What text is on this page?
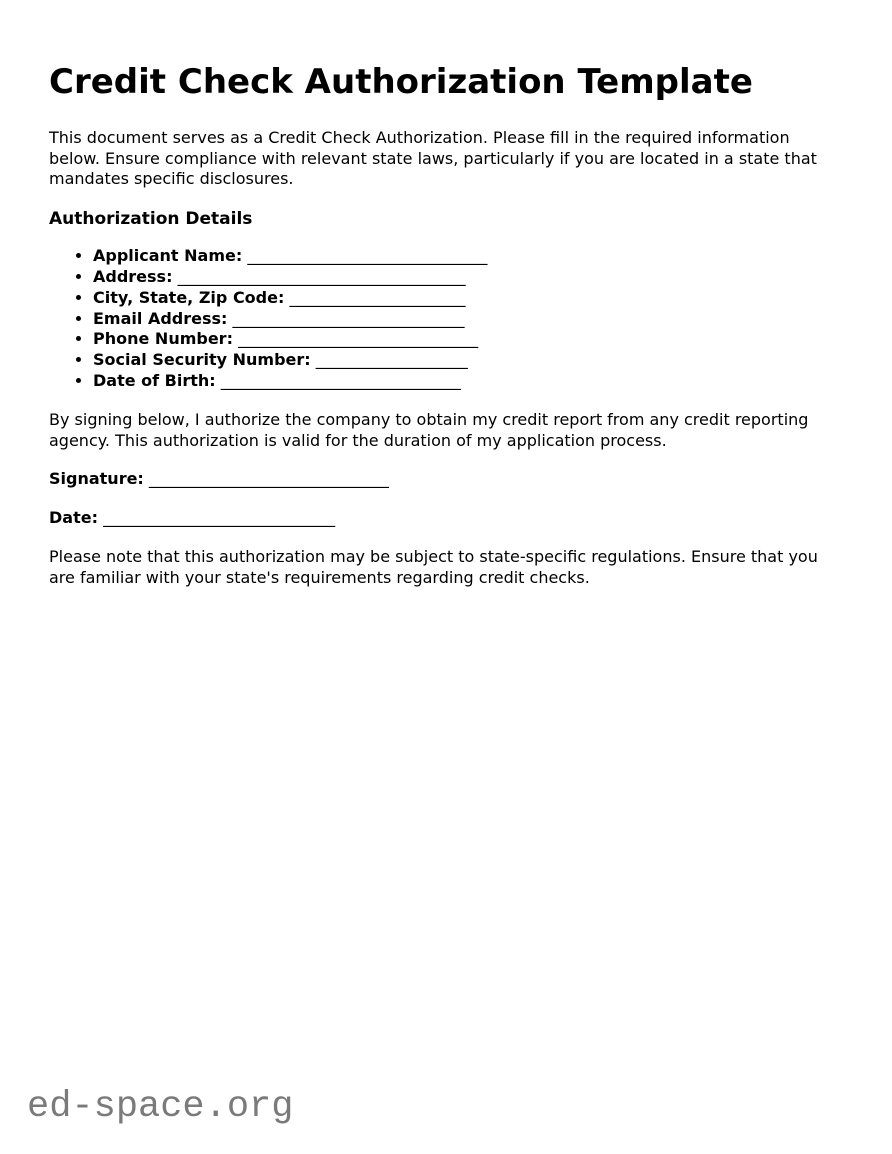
Credit Check Authorization Template

This document serves as a Credit Check Authorization. Please fill in the required information below. Ensure compliance with relevant state laws, particularly if you are located in a state that mandates specific disclosures.

Authorization Details
• Applicant Name: ______________________________
• Address: ____________________________________
• City, State, Zip Code: ______________________
• Email Address: _____________________________
• Phone Number: ______________________________
• Social Security Number: ___________________
• Date of Birth: ______________________________

By signing below, I authorize the company to obtain my credit report from any credit reporting agency. This authorization is valid for the duration of my application process.

Signature: ______________________________

Date: _____________________________

Please note that this authorization may be subject to state-specific regulations. Ensure that you are familiar with your state's requirements regarding credit checks.

ed-space.org
